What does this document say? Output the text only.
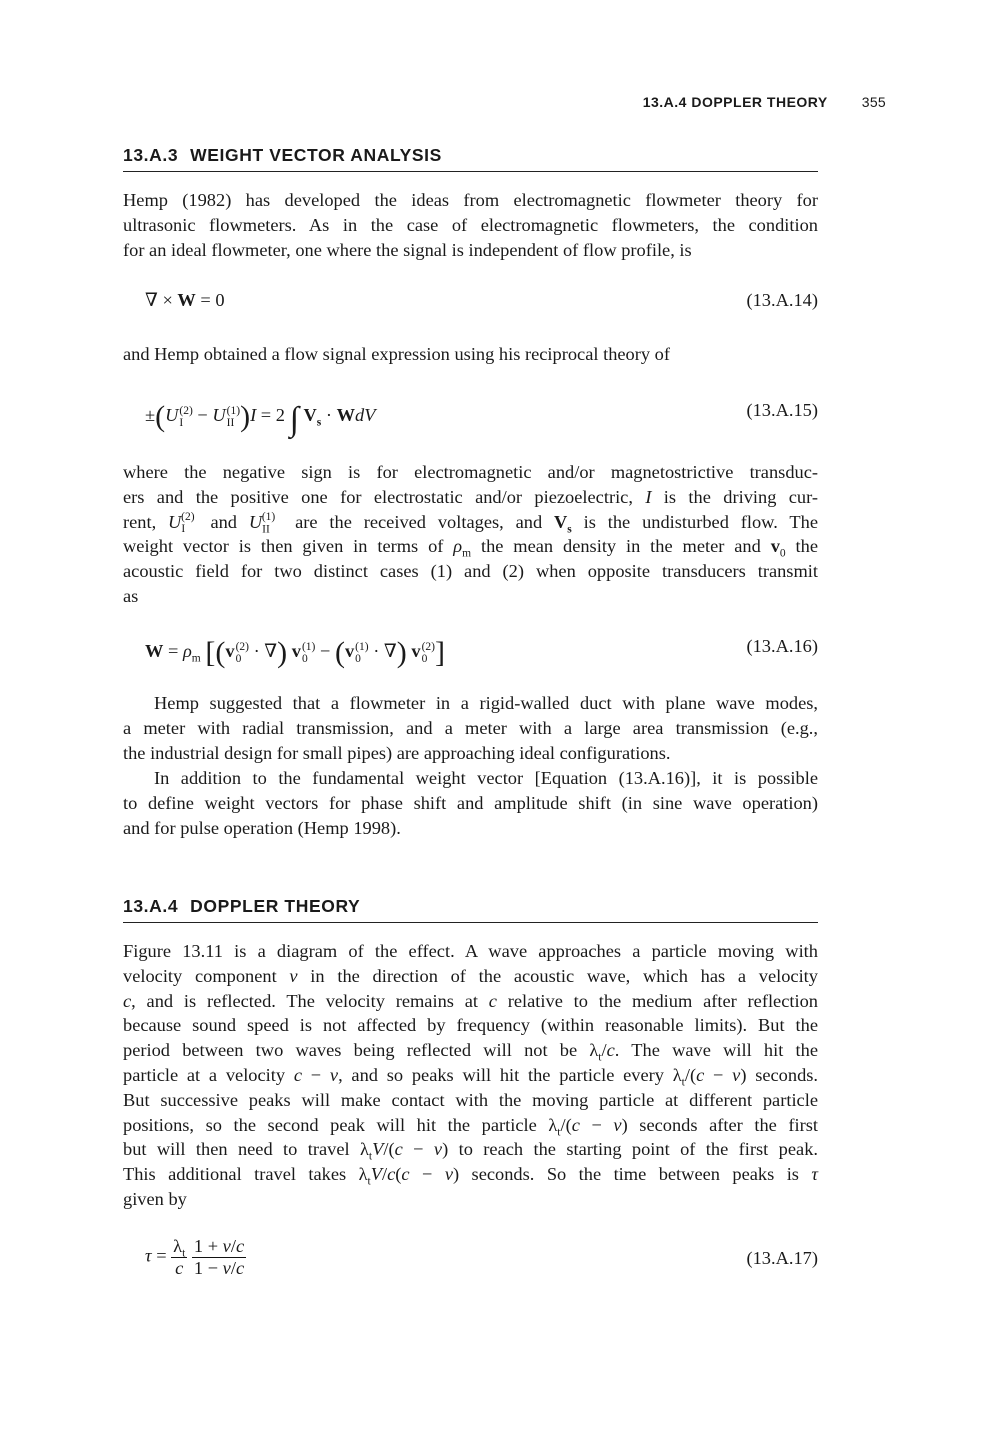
13.A.4 DOPPLER THEORY 355
13.A.3 WEIGHT VECTOR ANALYSIS
Hemp (1982) has developed the ideas from electromagnetic flowmeter theory for
ultrasonic flowmeters. As in the case of electromagnetic flowmeters, the condition
for an ideal flowmeter, one where the signal is independent of flow profile, is
∇ × W = 0	(13.A.14)
and Hemp obtained a flow signal expression using his reciprocal theory of
±(U (2)
I − U (1)
II )I = 2 ∫ $V_s$ · WdV	(13.A.15)
where the negative sign is for electromagnetic and/or magnetostrictive transduc-
ers and the positive one for electrostatic and/or piezoelectric, I is the driving cur-
rent, $U_I^{(2)}$ and $U_{II}^{(1)}$ are the received voltages, and $V_s$ is the undisturbed flow. The
weight vector is then given in terms of $\rho_m$ the mean density in the meter and $v_0$ the
acoustic field for two distinct cases (1) and (2) when opposite transducers transmit
as
$W = \rho_m$ [(v (2)
0 · ∇) v (1)
0 − (v (1)
0 · ∇) v (2)
0 ]	(13.A.16)
Hemp suggested that a flowmeter in a rigid-walled duct with plane wave modes,
a meter with radial transmission, and a meter with a large area transmission (e.g.,
the industrial design for small pipes) are approaching ideal configurations.
In addition to the fundamental weight vector [Equation (13.A.16)], it is possible
to define weight vectors for phase shift and amplitude shift (in sine wave operation)
and for pulse operation (Hemp 1998).
13.A.4 DOPPLER THEORY
Figure 13.11 is a diagram of the effect. A wave approaches a particle moving with
velocity component v in the direction of the acoustic wave, which has a velocity
c, and is reflected. The velocity remains at c relative to the medium after reflection
because sound speed is not affected by frequency (within reasonable limits). But the
period between two waves being reflected will not be $\lambda_t/c$. The wave will hit the
particle at a velocity c − v, and so peaks will hit the particle every $\lambda_t/(c - v)$ seconds.
But successive peaks will make contact with the moving particle at different particle
positions, so the second peak will hit the particle $\lambda_t/(c - v)$ seconds after the first
but will then need to travel $\lambda_tV/(c - v)$ to reach the starting point of the first peak.
This additional travel takes $\lambda_tV/c(c - v)$ seconds. So the time between peaks is τ
given by
$\tau = \frac{\lambda_t}{c}$
$\frac{1 + v/c}{1 - v/c}$	(13.A.17)
